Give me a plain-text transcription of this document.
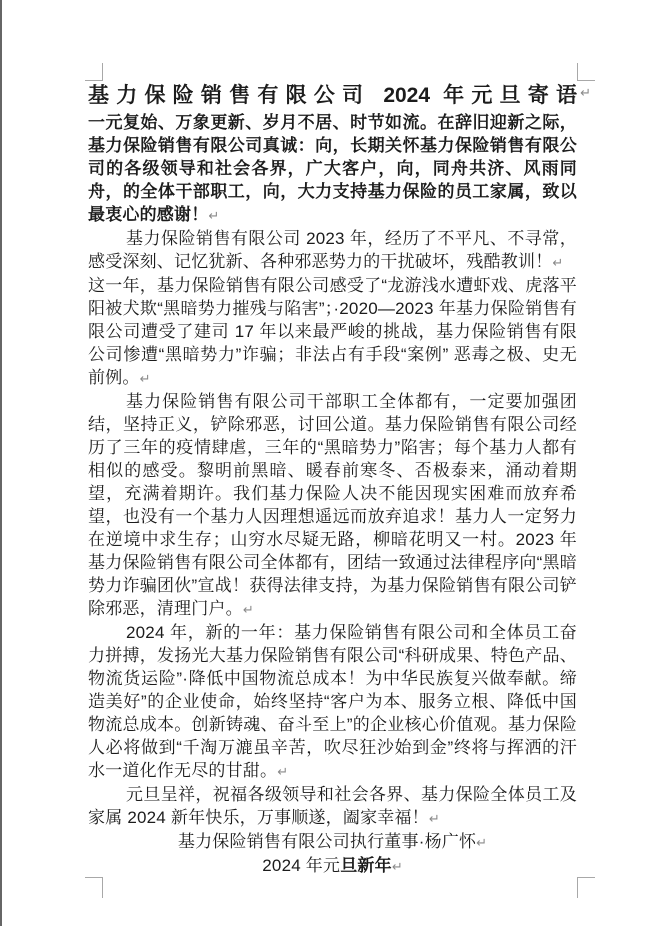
基力保险销售有限公司 2024 年元旦寄语 ↵

一元复始、万象更新、岁月不居、时节如流。在辞旧迎新之际，基力保险销售有限公司真诚：向，长期关怀基力保险销售有限公司的各级领导和社会各界，广大客户，向，同舟共济、风雨同舟，的全体干部职工，向，大力支持基力保险的员工家属，致以最衷心的感谢！↵

基力保险销售有限公司 2023 年，经历了不平凡、不寻常，感受深刻、记忆犹新、各种邪恶势力的干扰破坏，残酷教训！↵

这一年，基力保险销售有限公司感受了“龙游浅水遭虾戏、虎落平阳被犬欺“黑暗势力摧残与陷害”；·2020—2023 年基力保险销售有限公司遭受了建司 17 年以来最严峻的挑战，基力保险销售有限公司惨遭“黑暗势力”诈骗；非法占有手段“案例” 恶毒之极、史无前例。↵

基力保险销售有限公司干部职工全体都有，一定要加强团结，坚持正义，铲除邪恶，讨回公道。基力保险销售有限公司经历了三年的疫情肆虐，三年的“黑暗势力”陷害；每个基力人都有相似的感受。黎明前黑暗、暖春前寒冬、否极泰来，涌动着期望，充满着期许。我们基力保险人决不能因现实困难而放弃希望，也没有一个基力人因理想遥远而放弃追求！基力人一定努力在逆境中求生存；山穷水尽疑无路，柳暗花明又一村。2023 年基力保险销售有限公司全体都有，团结一致通过法律程序向“黑暗势力诈骗团伙”宣战！获得法律支持，为基力保险销售有限公司铲除邪恶，清理门户。↵

2024 年，新的一年：基力保险销售有限公司和全体员工奋力拼搏，发扬光大基力保险销售有限公司“科研成果、特色产品、物流货运险”·降低中国物流总成本！为中华民族复兴做奉献。缔造美好”的企业使命，始终坚持“客户为本、服务立根、降低中国物流总成本。创新铸魂、奋斗至上”的企业核心价值观。基力保险人必将做到“千淘万漉虽辛苦，吹尽狂沙始到金”终将与挥洒的汗水一道化作无尽的甘甜。↵

元旦呈祥，祝福各级领导和社会各界、基力保险全体员工及家属 2024 新年快乐，万事顺遂，阖家幸福！↵

基力保险销售有限公司执行董事·杨广怀↵

2024 年元旦新年↵
